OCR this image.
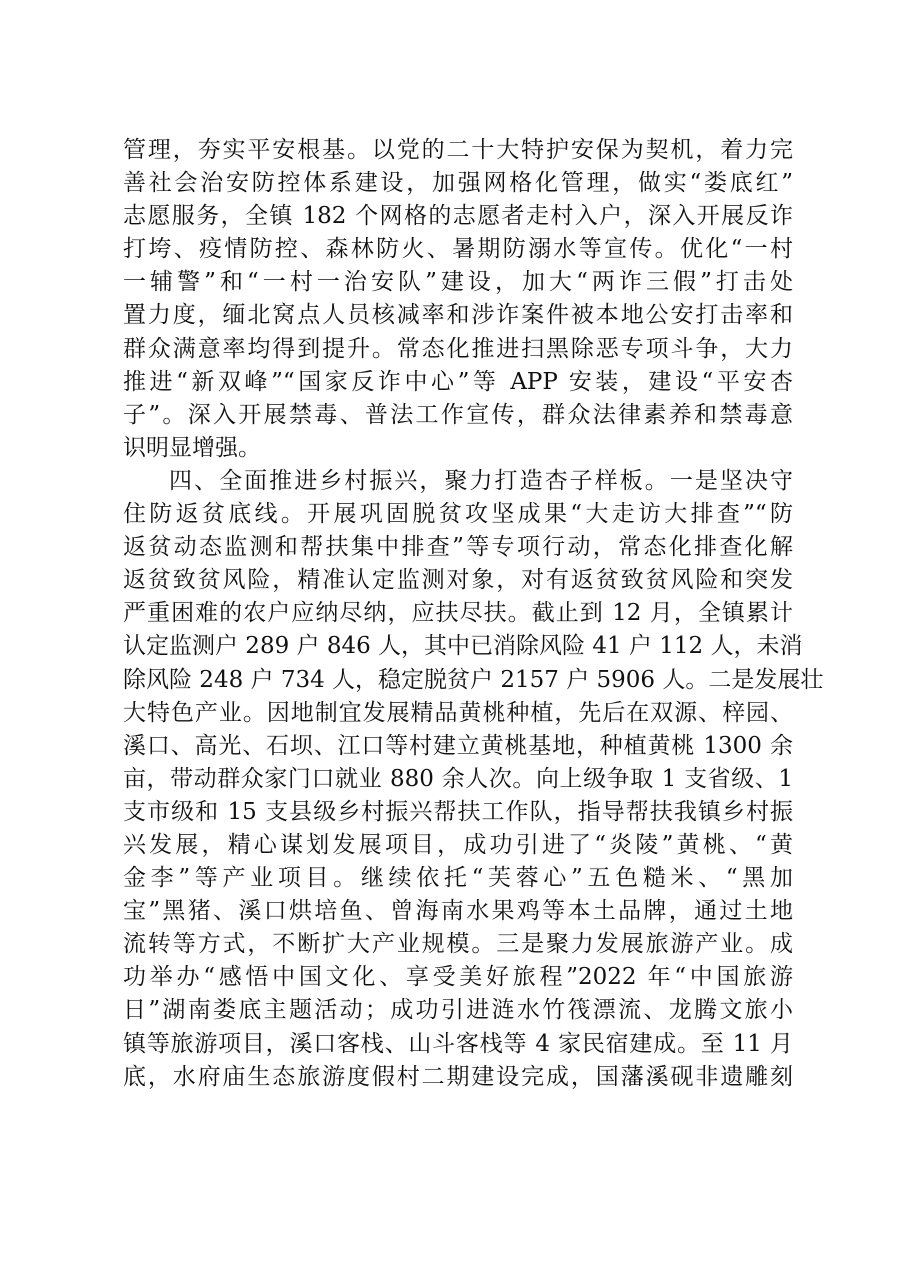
管理，夯实平安根基。以党的二十大特护安保为契机，着力完
善社会治安防控体系建设，加强网格化管理，做实“娄底红”
志愿服务，全镇 182 个网格的志愿者走村入户，深入开展反诈
打垮、疫情防控、森林防火、暑期防溺水等宣传。优化“一村
一辅警”和“一村一治安队”建设，加大“两诈三假”打击处
置力度，缅北窝点人员核减率和涉诈案件被本地公安打击率和
群众满意率均得到提升。常态化推进扫黑除恶专项斗争，大力
推进“新双峰”“国家反诈中心”等 APP 安装，建设“平安杏
子”。深入开展禁毒、普法工作宣传，群众法律素养和禁毒意
识明显增强。
四、全面推进乡村振兴，聚力打造杏子样板。一是坚决守
住防返贫底线。开展巩固脱贫攻坚成果“大走访大排查”“防
返贫动态监测和帮扶集中排查”等专项行动，常态化排查化解
返贫致贫风险，精准认定监测对象，对有返贫致贫风险和突发
严重困难的农户应纳尽纳，应扶尽扶。截止到 12 月，全镇累计
认定监测户 289 户 846 人，其中已消除风险 41 户 112 人，未消
除风险 248 户 734 人，稳定脱贫户 2157 户 5906 人。二是发展壮
大特色产业。因地制宜发展精品黄桃种植，先后在双源、梓园、
溪口、高光、石坝、江口等村建立黄桃基地，种植黄桃 1300 余
亩，带动群众家门口就业 880 余人次。向上级争取 1 支省级、1
支市级和 15 支县级乡村振兴帮扶工作队，指导帮扶我镇乡村振
兴发展，精心谋划发展项目，成功引进了“炎陵”黄桃、“黄
金李”等产业项目。继续依托“芙蓉心”五色糙米、“黑加
宝”黑猪、溪口烘培鱼、曾海南水果鸡等本土品牌，通过土地
流转等方式，不断扩大产业规模。三是聚力发展旅游产业。成
功举办“感悟中国文化、享受美好旅程”2022 年“中国旅游
日”湖南娄底主题活动；成功引进涟水竹筏漂流、龙腾文旅小
镇等旅游项目，溪口客栈、山斗客栈等 4 家民宿建成。至 11 月
底，水府庙生态旅游度假村二期建设完成，国藩溪砚非遗雕刻
